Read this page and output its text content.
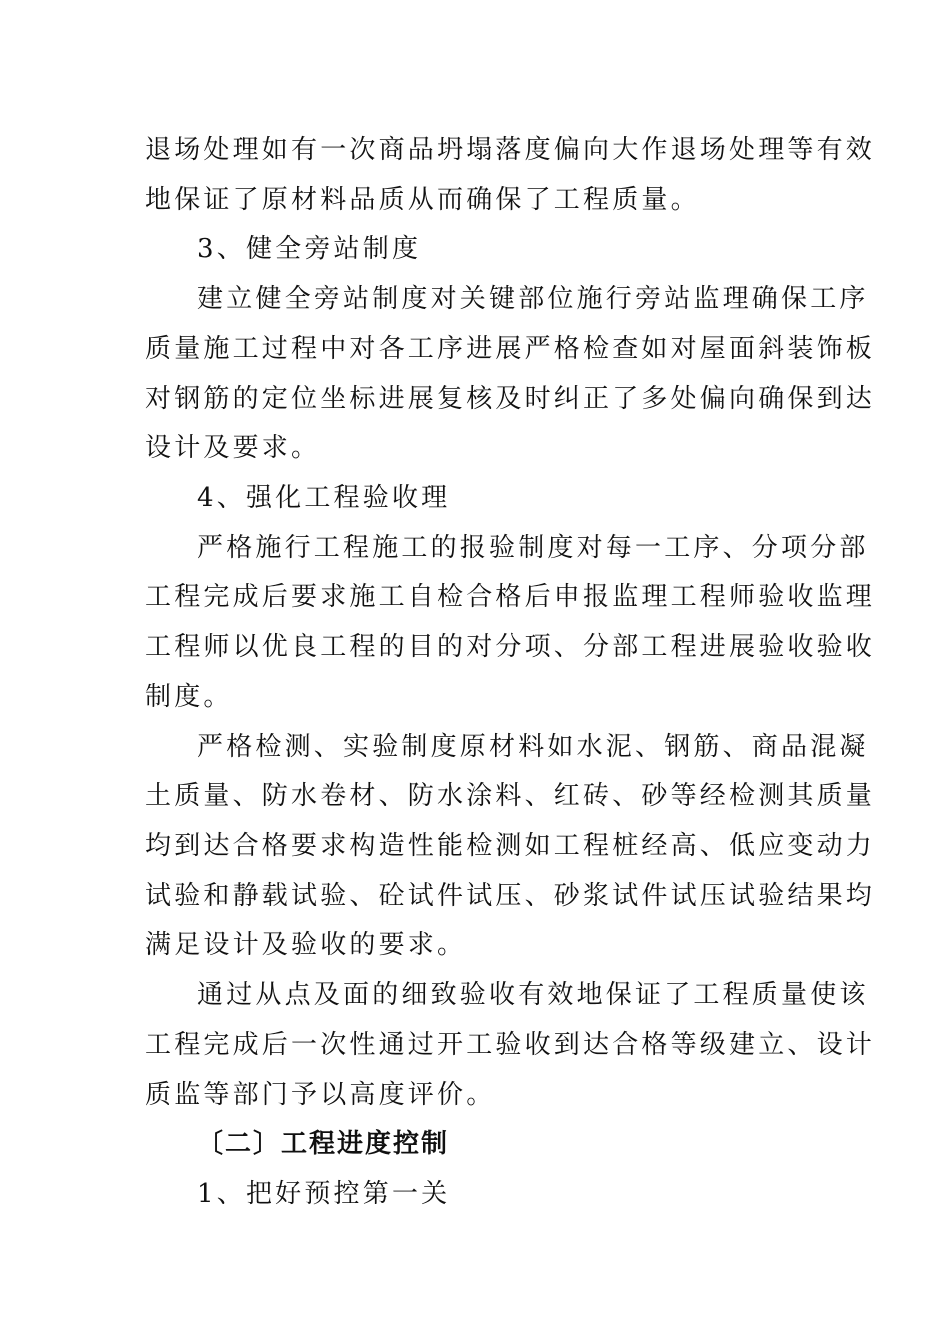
退场处理如有一次商品坍塌落度偏向大作退场处理等有效
地保证了原材料品质从而确保了工程质量。
3、健全旁站制度
建立健全旁站制度对关键部位施行旁站监理确保工序
质量施工过程中对各工序进展严格检查如对屋面斜装饰板
对钢筋的定位坐标进展复核及时纠正了多处偏向确保到达
设计及要求。
4、强化工程验收理
严格施行工程施工的报验制度对每一工序、分项分部
工程完成后要求施工自检合格后申报监理工程师验收监理
工程师以优良工程的目的对分项、分部工程进展验收验收
制度。
严格检测、实验制度原材料如水泥、钢筋、商品混凝
土质量、防水卷材、防水涂料、红砖、砂等经检测其质量
均到达合格要求构造性能检测如工程桩经高、低应变动力
试验和静载试验、砼试件试压、砂浆试件试压试验结果均
满足设计及验收的要求。
通过从点及面的细致验收有效地保证了工程质量使该
工程完成后一次性通过开工验收到达合格等级建立、设计
质监等部门予以高度评价。
〔二〕工程进度控制
1、把好预控第一关
